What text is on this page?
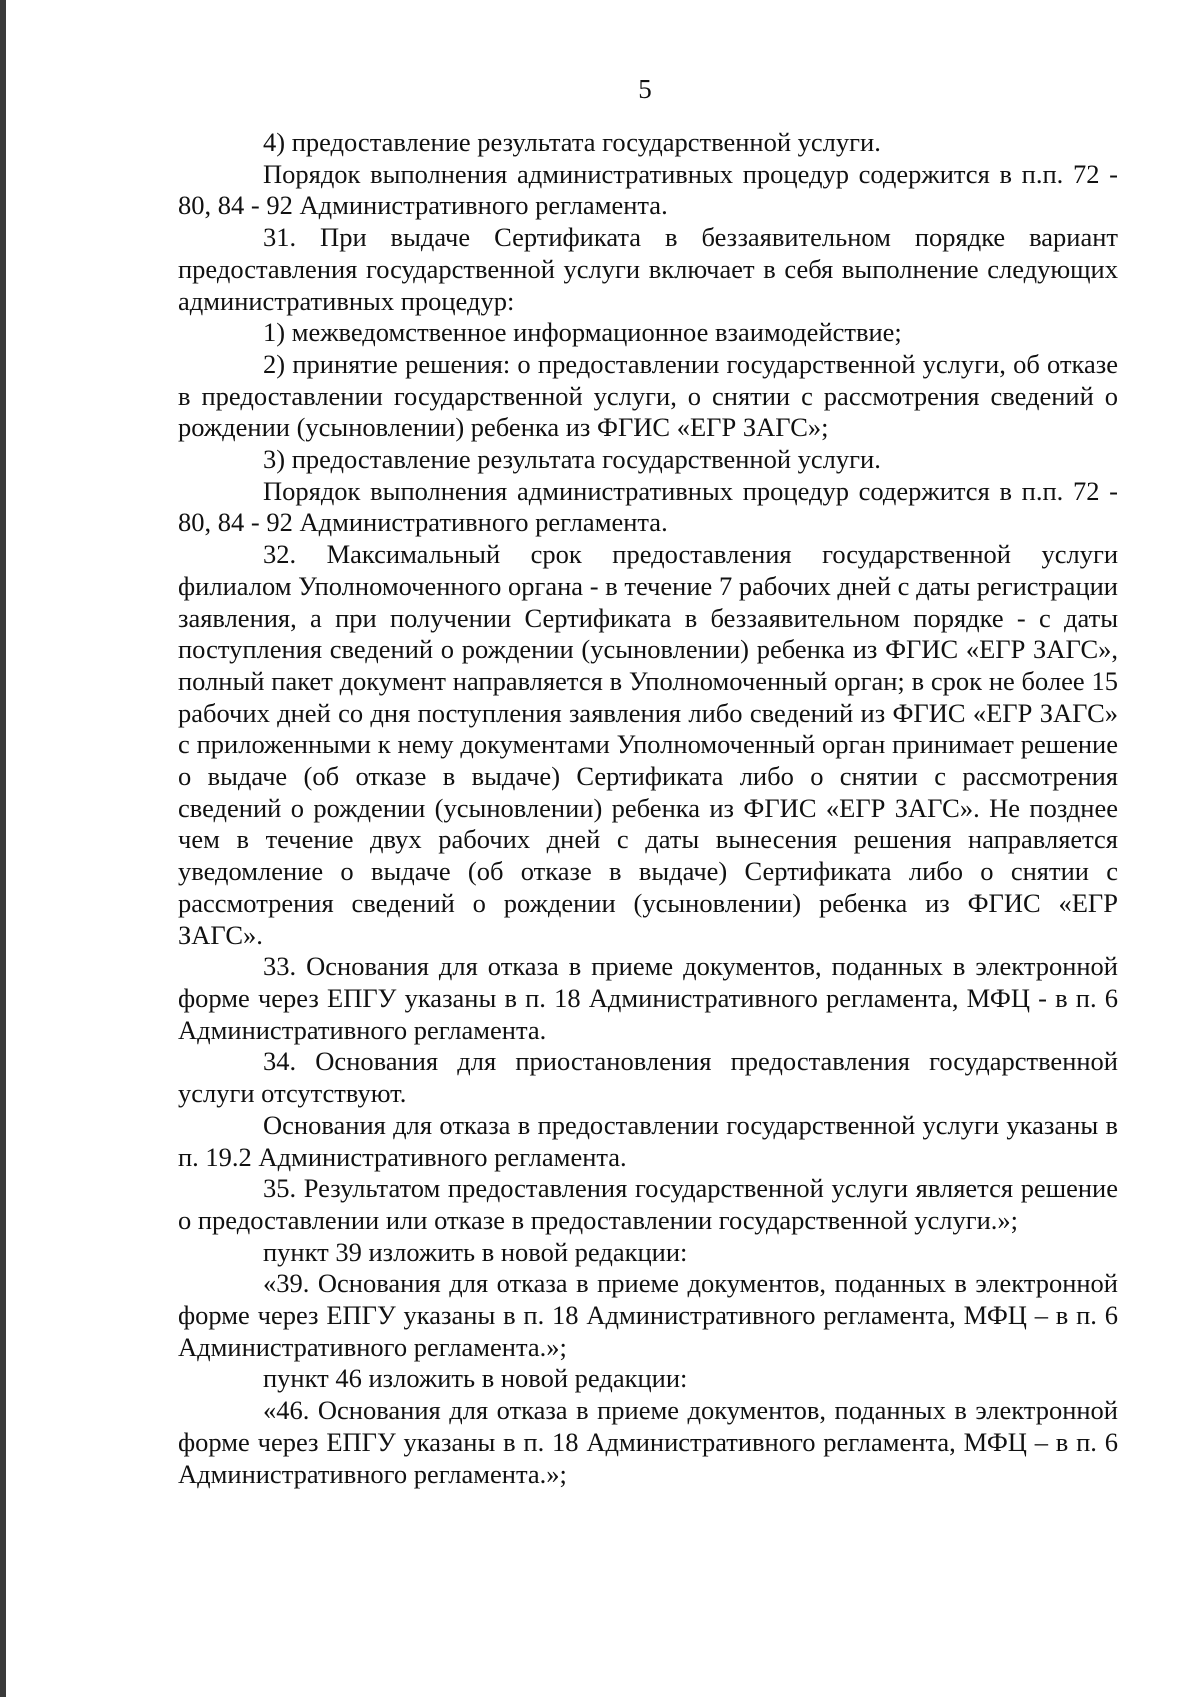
5

4) предоставление результата государственной услуги.

Порядок выполнения административных процедур содержится в п.п. 72 - 80, 84 - 92 Административного регламента.

31. При выдаче Сертификата в беззаявительном порядке вариант предоставления государственной услуги включает в себя выполнение следующих административных процедур:

1) межведомственное информационное взаимодействие;

2) принятие решения: о предоставлении государственной услуги, об отказе в предоставлении государственной услуги, о снятии с рассмотрения сведений о рождении (усыновлении) ребенка из ФГИС «ЕГР ЗАГС»;

3) предоставление результата государственной услуги.

Порядок выполнения административных процедур содержится в п.п. 72 - 80, 84 - 92 Административного регламента.

32. Максимальный срок предоставления государственной услуги филиалом Уполномоченного органа - в течение 7 рабочих дней с даты регистрации заявления, а при получении Сертификата в беззаявительном порядке - с даты поступления сведений о рождении (усыновлении) ребенка из ФГИС «ЕГР ЗАГС», полный пакет документ направляется в Уполномоченный орган; в срок не более 15 рабочих дней со дня поступления заявления либо сведений из ФГИС «ЕГР ЗАГС» с приложенными к нему документами Уполномоченный орган принимает решение о выдаче (об отказе в выдаче) Сертификата либо о снятии с рассмотрения сведений о рождении (усыновлении) ребенка из ФГИС «ЕГР ЗАГС». Не позднее чем в течение двух рабочих дней с даты вынесения решения направляется уведомление о выдаче (об отказе в выдаче) Сертификата либо о снятии с рассмотрения сведений о рождении (усыновлении) ребенка из ФГИС «ЕГР ЗАГС».

33. Основания для отказа в приеме документов, поданных в электронной форме через ЕПГУ указаны в п. 18 Административного регламента, МФЦ - в п. 6 Административного регламента.

34. Основания для приостановления предоставления государственной услуги отсутствуют.

Основания для отказа в предоставлении государственной услуги указаны в п. 19.2 Административного регламента.

35. Результатом предоставления государственной услуги является решение о предоставлении или отказе в предоставлении государственной услуги.»;

пункт 39 изложить в новой редакции:

«39. Основания для отказа в приеме документов, поданных в электронной форме через ЕПГУ указаны в п. 18 Административного регламента, МФЦ – в п. 6 Административного регламента.»;

пункт 46 изложить в новой редакции:

«46. Основания для отказа в приеме документов, поданных в электронной форме через ЕПГУ указаны в п. 18 Административного регламента, МФЦ – в п. 6 Административного регламента.»;
